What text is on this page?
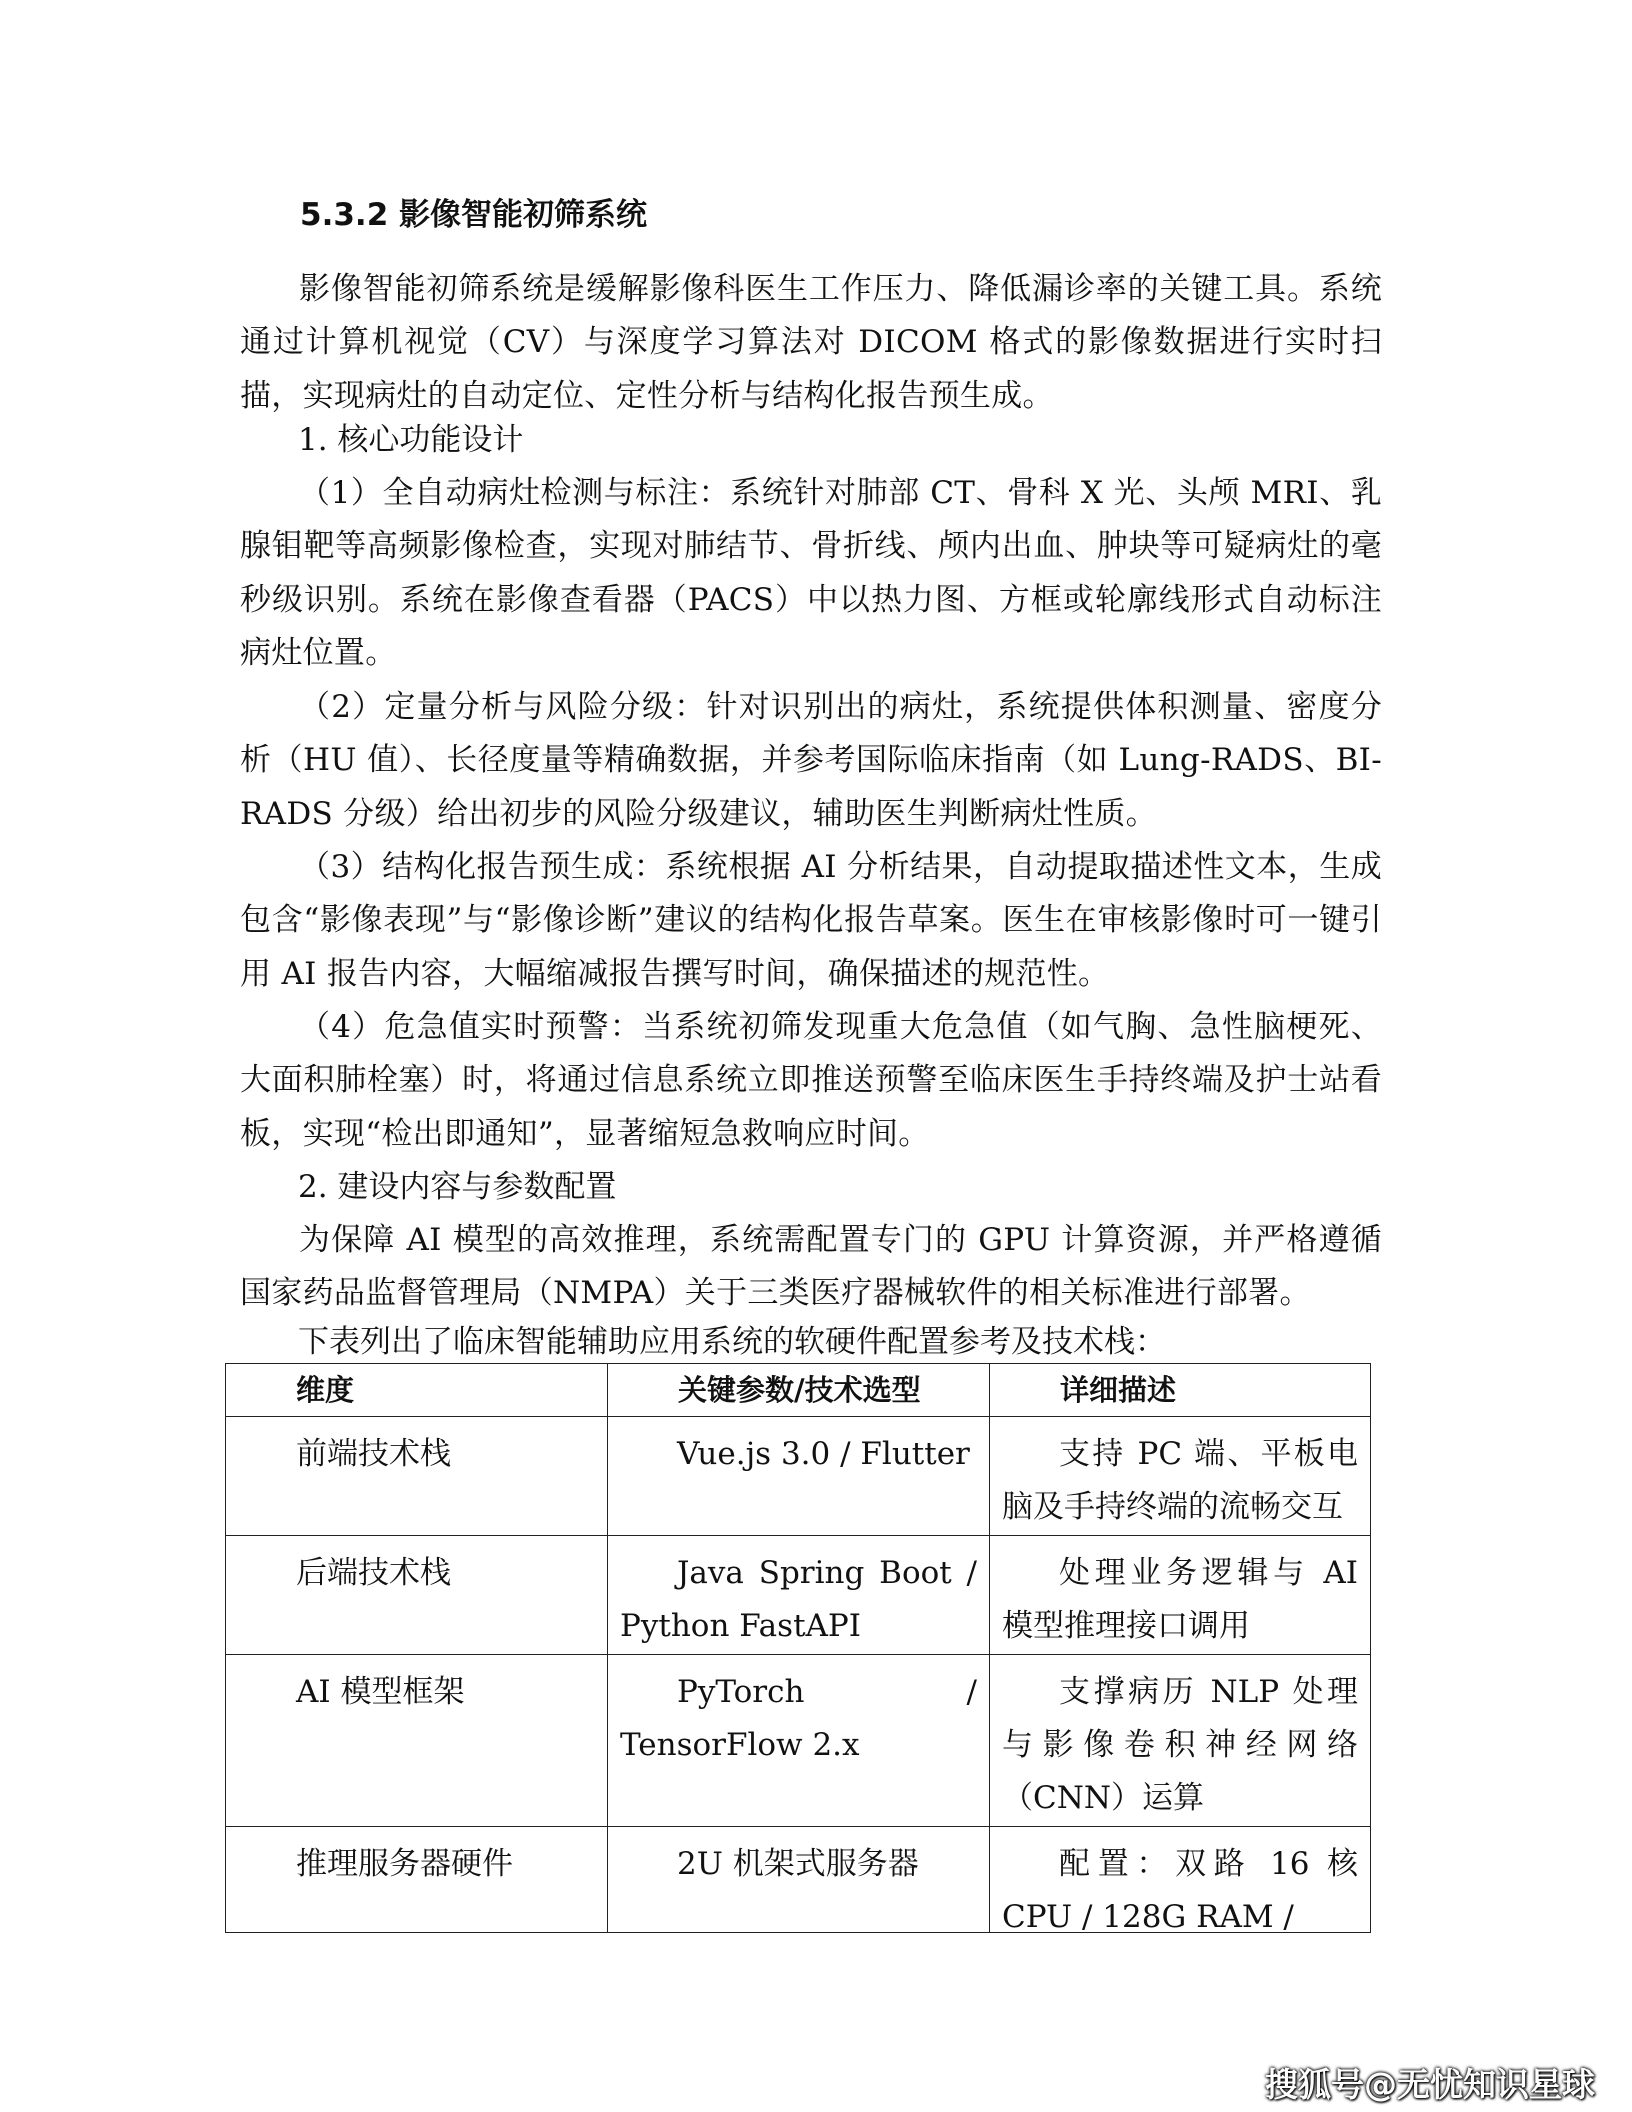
5.3.2 影像智能初筛系统

影像智能初筛系统是缓解影像科医生工作压力、降低漏诊率的关键工具。系统通过计算机视觉（CV）与深度学习算法对 DICOM 格式的影像数据进行实时扫描，实现病灶的自动定位、定性分析与结构化报告预生成。

1. 核心功能设计

（1）全自动病灶检测与标注：系统针对肺部 CT、骨科 X 光、头颅 MRI、乳腺钼靶等高频影像检查，实现对肺结节、骨折线、颅内出血、肿块等可疑病灶的毫秒级识别。系统在影像查看器（PACS）中以热力图、方框或轮廓线形式自动标注病灶位置。

（2）定量分析与风险分级：针对识别出的病灶，系统提供体积测量、密度分析（HU 值）、长径度量等精确数据，并参考国际临床指南（如 Lung-RADS、BI-RADS 分级）给出初步的风险分级建议，辅助医生判断病灶性质。

（3）结构化报告预生成：系统根据 AI 分析结果，自动提取描述性文本，生成包含“影像表现”与“影像诊断”建议的结构化报告草案。医生在审核影像时可一键引用 AI 报告内容，大幅缩减报告撰写时间，确保描述的规范性。

（4）危急值实时预警：当系统初筛发现重大危急值（如气胸、急性脑梗死、大面积肺栓塞）时，将通过信息系统立即推送预警至临床医生手持终端及护士站看板，实现“检出即通知”，显著缩短急救响应时间。

2. 建设内容与参数配置

为保障 AI 模型的高效推理，系统需配置专门的 GPU 计算资源，并严格遵循国家药品监督管理局（NMPA）关于三类医疗器械软件的相关标准进行部署。

下表列出了临床智能辅助应用系统的软硬件配置参考及技术栈：

维度	关键参数/技术选型	详细描述

前端技术栈	Vue.js 3.0 / Flutter	支持 PC 端、平板电脑及手持终端的流畅交互

后端技术栈	Java Spring Boot / Python FastAPI	处理业务逻辑与 AI 模型推理接口调用

AI 模型框架	PyTorch / TensorFlow 2.x	支撑病历 NLP 处理与影像卷积神经网络（CNN）运算

推理服务器硬件	2U 机架式服务器	配置：双路 16 核 CPU / 128G RAM /
搜狐号@无忧知识星球
